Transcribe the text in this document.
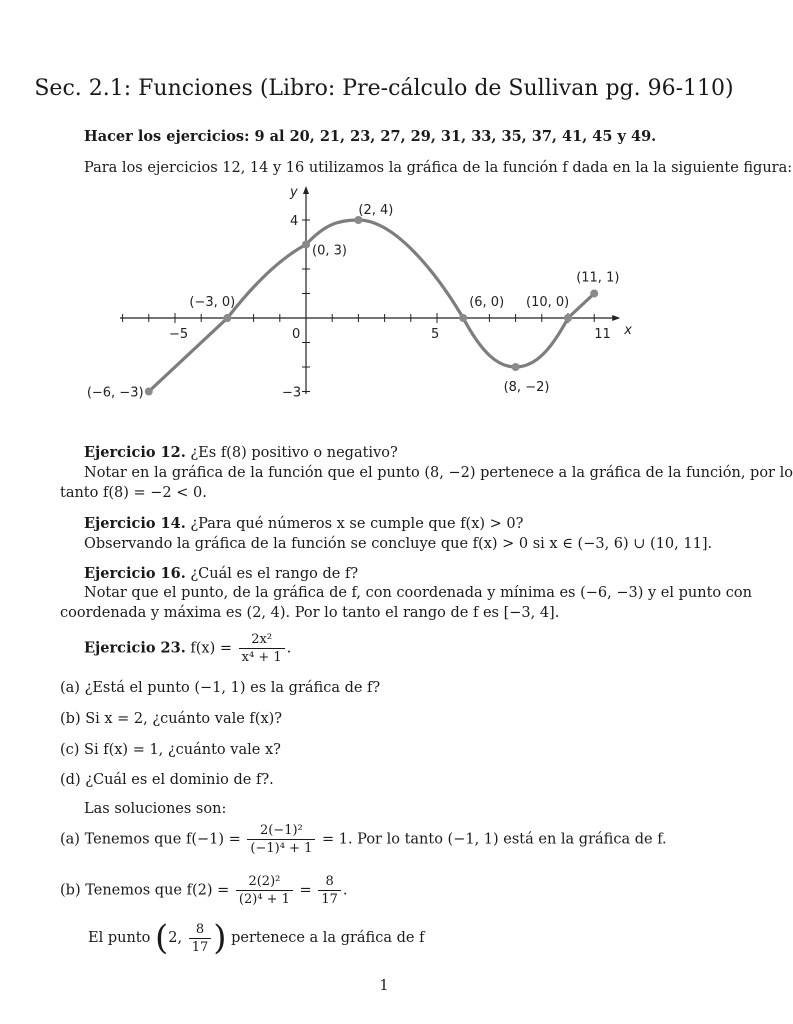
Sec. 2.1: Funciones (Libro: Pre-cálculo de Sullivan pg. 96-110)
Hacer los ejercicios: 9 al 20, 21, 23, 27, 29, 31, 33, 35, 37, 41, 45 y 49.
Para los ejercicios 12, 14 y 16 utilizamos la gráfica de la función f dada en la la siguiente figura:
x
y
−5	0	5	11
4
−3
(−6, −3)
(−3, 0)
(0, 3)
(2, 4)
(6, 0)
(8, −2)
(10, 0)
(11, 1)
Ejercicio 12. ¿Es f(8) positivo o negativo?
Notar en la gráfica de la función que el punto (8, −2) pertenece a la gráfica de la función, por lo
tanto f(8) = −2 < 0.
Ejercicio 14. ¿Para qué números x se cumple que f(x) > 0?
Observando la gráfica de la función se concluye que f(x) > 0 si x ∈ (−3, 6) ∪ (10, 11].
Ejercicio 16. ¿Cuál es el rango de f?
Notar que el punto, de la gráfica de f, con coordenada y mínima es (−6, −3) y el punto con
coordenada y máxima es (2, 4). Por lo tanto el rango de f es [−3, 4].
Ejercicio 23. $f(x) = \frac{\text{2x²}}{\text{x⁴ + 1}}$ .
(a) ¿Está el punto (−1, 1) es la gráfica de f?
(b) Si x = 2, ¿cuánto vale f(x)?
(c) Si f(x) = 1, ¿cuánto vale x?
(d) ¿Cuál es el dominio de f?.
Las soluciones son:
(a) Tenemos que $f(-1) = \frac{\text{2(−1)²}}{\text{(−1)⁴ + 1}} = 1$. Por lo tanto (−1, 1) está en la gráfica de f.
(b) Tenemos que $f(2) = \frac{\text{2(2)²}}{\text{(2)⁴ + 1}} = \frac{8}{17}$ .
El punto (2, $\frac{8}{17}$ ) pertenece a la gráfica de f
1
